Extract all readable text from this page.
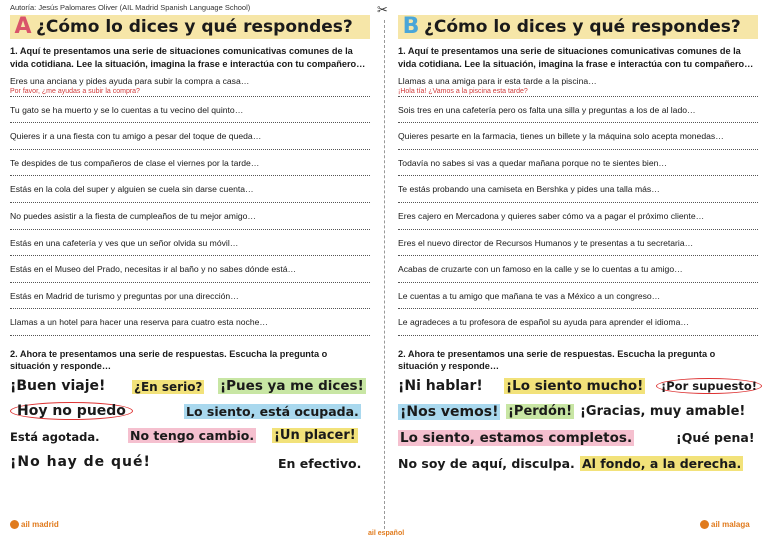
✂
Autoría: Jesús Palomares Oliver (AIL Madrid Spanish Language School)
A ¿Cómo lo dices y qué respondes?
1. Aquí te presentamos una serie de situaciones comunicativas comunes de la vida cotidiana. Lee la situación, imagina la frase e interactúa con tu compañero…
Eres una anciana y pides ayuda para subir la compra a casa…
Por favor, ¿me ayudas a subir la compra?
Tu gato se ha muerto y se lo cuentas a tu vecino del quinto…
Quieres ir a una fiesta con tu amigo a pesar del toque de queda…
Te despides de tus compañeros de clase el viernes por la tarde…
Estás en la cola del super y alguien se cuela sin darse cuenta…
No puedes asistir a la fiesta de cumpleaños de tu mejor amigo…
Estás en una cafetería y ves que un señor olvida su móvil…
Estás en el Museo del Prado, necesitas ir al baño y no sabes dónde está…
Estás en Madrid de turismo y preguntas por una dirección…
Llamas a un hotel para hacer una reserva para cuatro esta noche…
2. Ahora te presentamos una serie de respuestas. Escucha la pregunta o situación y responde…
¡Buen viaje! ¿En serio? ¡Pues ya me dices!
Hoy no puedo	Lo siento, está ocupada.
Está agotada. No tengo cambio. ¡Un placer!
¡No hay de qué!	En efectivo.
ail madrid
B ¿Cómo lo dices y qué respondes?
1. Aquí te presentamos una serie de situaciones comunicativas comunes de la vida cotidiana. Lee la situación, imagina la frase e interactúa con tu compañero…
Llamas a una amiga para ir esta tarde a la piscina…
¡Hola tía! ¿Vamos a la piscina esta tarde?
Sois tres en una cafetería pero os falta una silla y preguntas a los de al lado…
Quieres pesarte en la farmacia, tienes un billete y la máquina solo acepta monedas…
Todavía no sabes si vas a quedar mañana porque no te sientes bien…
Te estás probando una camiseta en Bershka y pides una talla más…
Eres cajero en Mercadona y quieres saber cómo va a pagar el próximo cliente…
Eres el nuevo director de Recursos Humanos y te presentas a tu secretaria…
Acabas de cruzarte con un famoso en la calle y se lo cuentas a tu amigo…
Le cuentas a tu amigo que mañana te vas a México a un congreso…
Le agradeces a tu profesora de español su ayuda para aprender el idioma…
2. Ahora te presentamos una serie de respuestas. Escucha la pregunta o situación y responde…
¡Ni hablar! ¡Lo siento mucho!	¡Por supuesto!
¡Nos vemos! ¡Perdón! ¡Gracias, muy amable!
Lo siento, estamos completos.	¡Qué pena!
No soy de aquí, disculpa. Al fondo, a la derecha.
ail malaga
ail español
